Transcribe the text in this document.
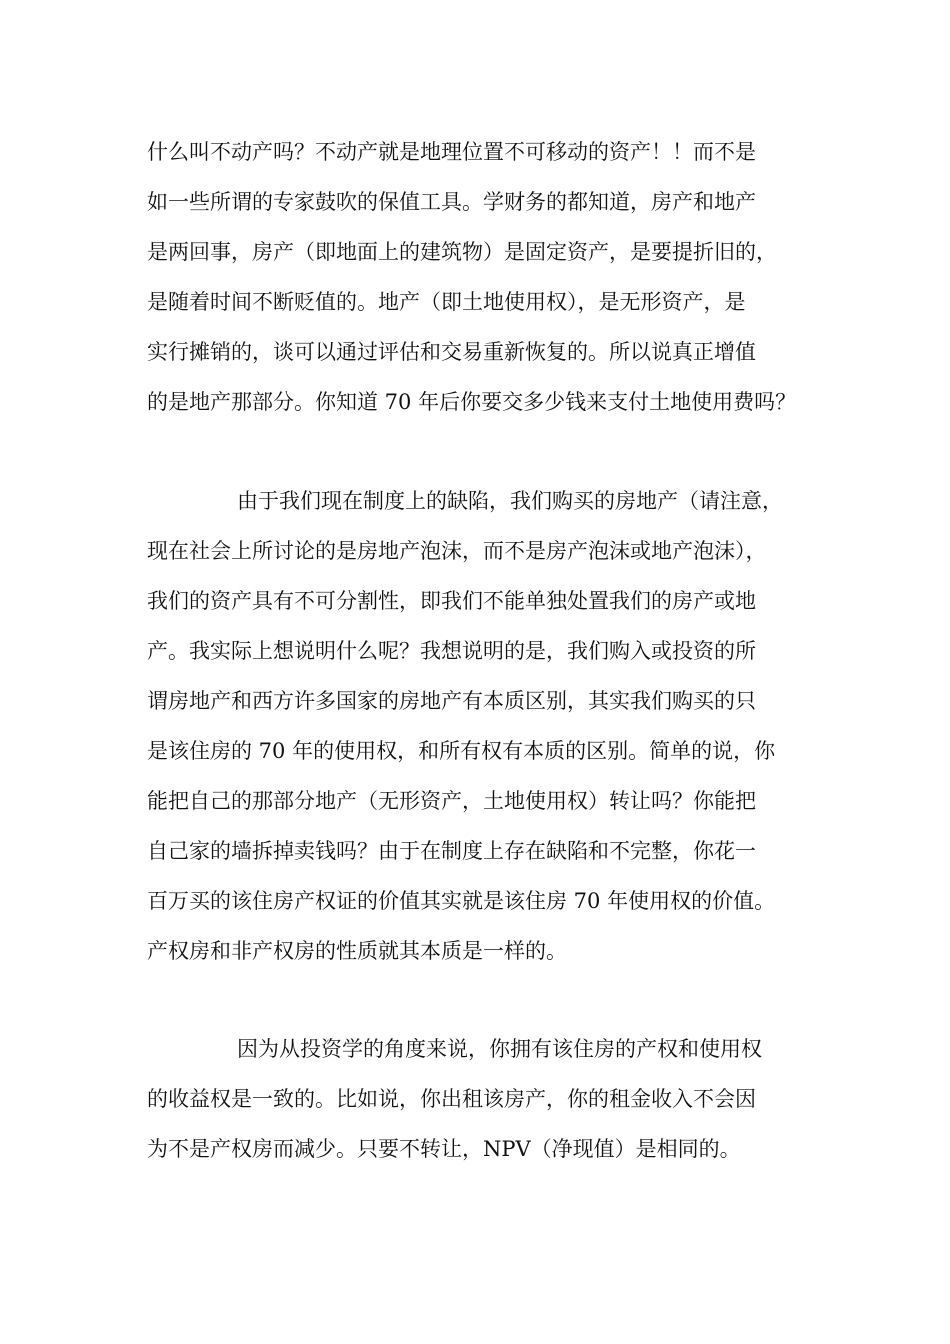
什么叫不动产吗？不动产就是地理位置不可移动的资产！！而不是
如一些所谓的专家鼓吹的保值工具。学财务的都知道，房产和地产
是两回事，房产（即地面上的建筑物）是固定资产，是要提折旧的，
是随着时间不断贬值的。地产（即土地使用权），是无形资产，是
实行摊销的，谈可以通过评估和交易重新恢复的。所以说真正增值
的是地产那部分。你知道 70 年后你要交多少钱来支付土地使用费吗？
由于我们现在制度上的缺陷，我们购买的房地产（请注意，
现在社会上所讨论的是房地产泡沫，而不是房产泡沫或地产泡沫），
我们的资产具有不可分割性，即我们不能单独处置我们的房产或地
产。我实际上想说明什么呢？我想说明的是，我们购入或投资的所
谓房地产和西方许多国家的房地产有本质区别，其实我们购买的只
是该住房的 70 年的使用权，和所有权有本质的区别。简单的说，你
能把自己的那部分地产（无形资产，土地使用权）转让吗？你能把
自己家的墙拆掉卖钱吗？由于在制度上存在缺陷和不完整，你花一
百万买的该住房产权证的价值其实就是该住房 70 年使用权的价值。
产权房和非产权房的性质就其本质是一样的。
因为从投资学的角度来说，你拥有该住房的产权和使用权
的收益权是一致的。比如说，你出租该房产，你的租金收入不会因
为不是产权房而减少。只要不转让，NPV（净现值）是相同的。
